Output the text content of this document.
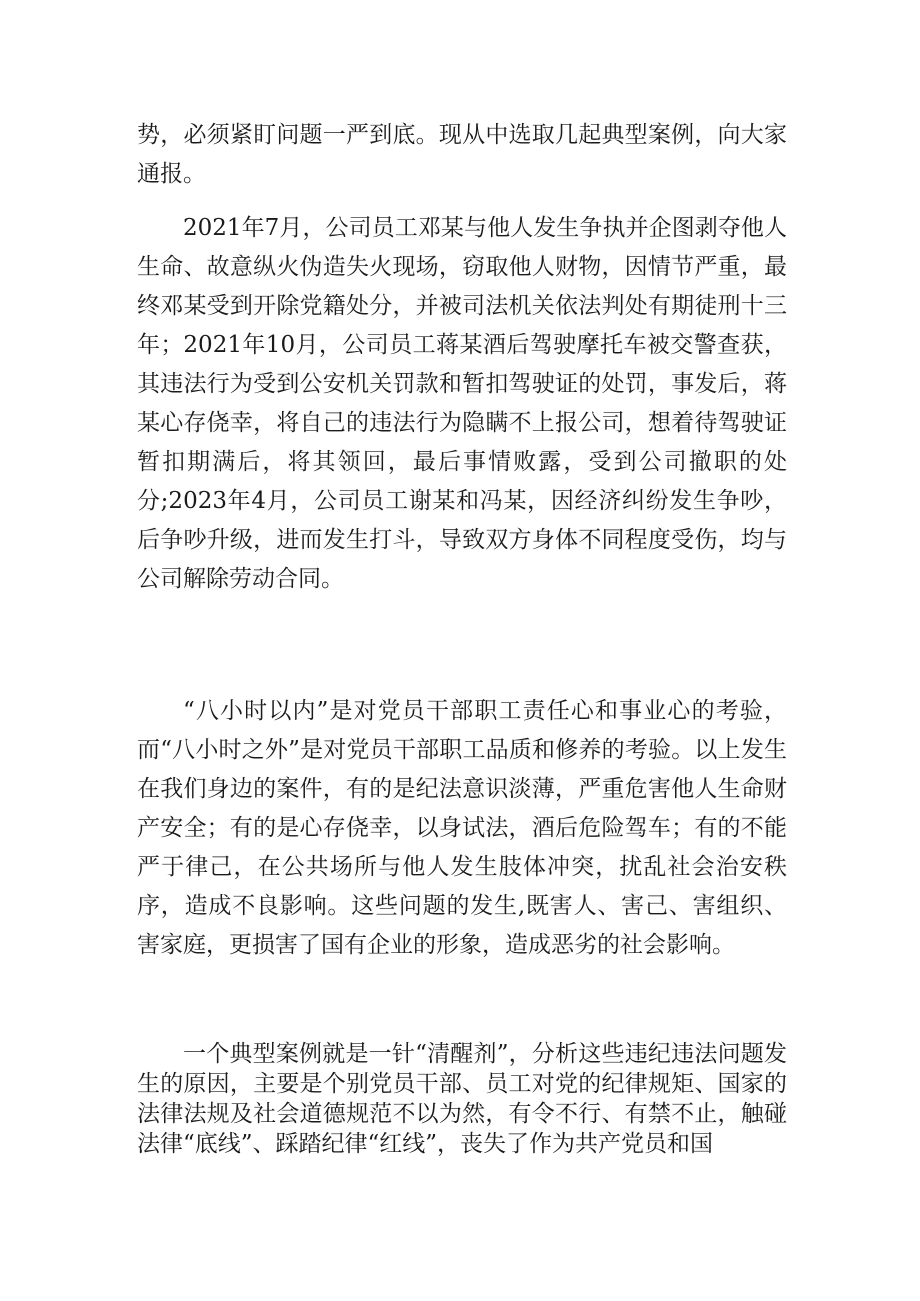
势，必须紧盯问题一严到底。现从中选取几起典型案例，向大家通报。

2021年7月，公司员工邓某与他人发生争执并企图剥夺他人生命、故意纵火伪造失火现场，窃取他人财物，因情节严重，最终邓某受到开除党籍处分，并被司法机关依法判处有期徒刑十三年；2021年10月，公司员工蒋某酒后驾驶摩托车被交警查获，其违法行为受到公安机关罚款和暂扣驾驶证的处罚，事发后，蒋某心存侥幸，将自己的违法行为隐瞒不上报公司，想着待驾驶证暂扣期满后，将其领回，最后事情败露，受到公司撤职的处分;2023年4月，公司员工谢某和冯某，因经济纠纷发生争吵，后争吵升级，进而发生打斗，导致双方身体不同程度受伤，均与公司解除劳动合同。

“八小时以内”是对党员干部职工责任心和事业心的考验，而“八小时之外”是对党员干部职工品质和修养的考验。以上发生在我们身边的案件，有的是纪法意识淡薄，严重危害他人生命财产安全；有的是心存侥幸，以身试法，酒后危险驾车；有的不能严于律己，在公共场所与他人发生肢体冲突，扰乱社会治安秩序，造成不良影响。这些问题的发生,既害人、害己、害组织、害家庭，更损害了国有企业的形象，造成恶劣的社会影响。

一个典型案例就是一针“清醒剂”，分析这些违纪违法问题发生的原因，主要是个别党员干部、员工对党的纪律规矩、国家的法律法规及社会道德规范不以为然，有令不行、有禁不止，触碰法律“底线”、踩踏纪律“红线”，丧失了作为共产党员和国
